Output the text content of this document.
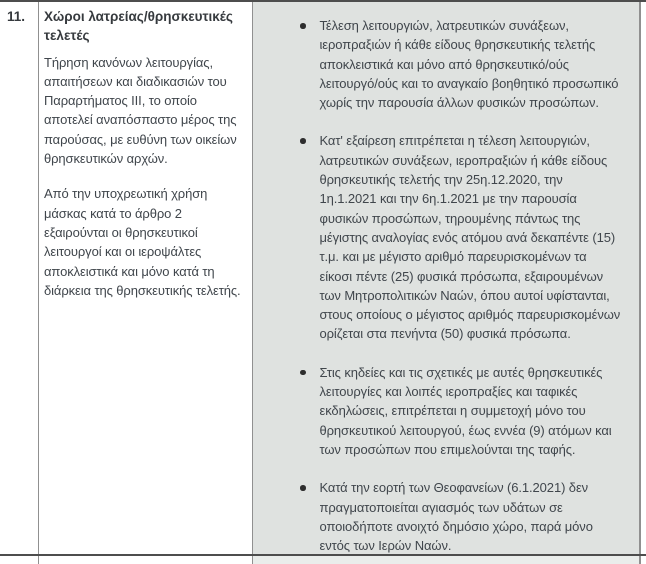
11.	Χώροι λατρείας/θρησκευτικές τελετές

Τήρηση κανόνων λειτουργίας, απαιτήσεων και διαδικασιών του Παραρτήματος ΙΙΙ, το οποίο αποτελεί αναπόσπαστο μέρος της παρούσας, με ευθύνη των οικείων θρησκευτικών αρχών.

Από την υποχρεωτική χρήση μάσκας κατά το άρθρο 2 εξαιρούνται οι θρησκευτικοί λειτουργοί και οι ιεροψάλτες αποκλειστικά και μόνο κατά τη διάρκεια της θρησκευτικής τελετής.

Τέλεση λειτουργιών, λατρευτικών συνάξεων, ιεροπραξιών ή κάθε είδους θρησκευτικής τελετής αποκλειστικά και μόνο από θρησκευτικό/ούς λειτουργό/ούς και το αναγκαίο βοηθητικό προσωπικό χωρίς την παρουσία άλλων φυσικών προσώπων.
Κατ' εξαίρεση επιτρέπεται η τέλεση λειτουργιών, λατρευτικών συνάξεων, ιεροπραξιών ή κάθε είδους θρησκευτικής τελετής την 25η.12.2020, την 1η.1.2021 και την 6η.1.2021 με την παρουσία φυσικών προσώπων, τηρουμένης πάντως της μέγιστης αναλογίας ενός ατόμου ανά δεκαπέντε (15) τ.μ. και με μέγιστο αριθμό παρευρισκομένων τα είκοσι πέντε (25) φυσικά πρόσωπα, εξαιρουμένων των Μητροπολιτικών Ναών, όπου αυτοί υφίστανται, στους οποίους ο μέγιστος αριθμός παρευρισκομένων ορίζεται στα πενήντα (50) φυσικά πρόσωπα.
Στις κηδείες και τις σχετικές με αυτές θρησκευτικές λειτουργίες και λοιπές ιεροπραξίες και ταφικές εκδηλώσεις, επιτρέπεται η συμμετοχή μόνο του θρησκευτικού λειτουργού, έως εννέα (9) ατόμων και των προσώπων που επιμελούνται της ταφής.
Κατά την εορτή των Θεοφανείων (6.1.2021) δεν πραγματοποιείται αγιασμός των υδάτων σε οποιοδήποτε ανοιχτό δημόσιο χώρο, παρά μόνο εντός των Ιερών Ναών.
